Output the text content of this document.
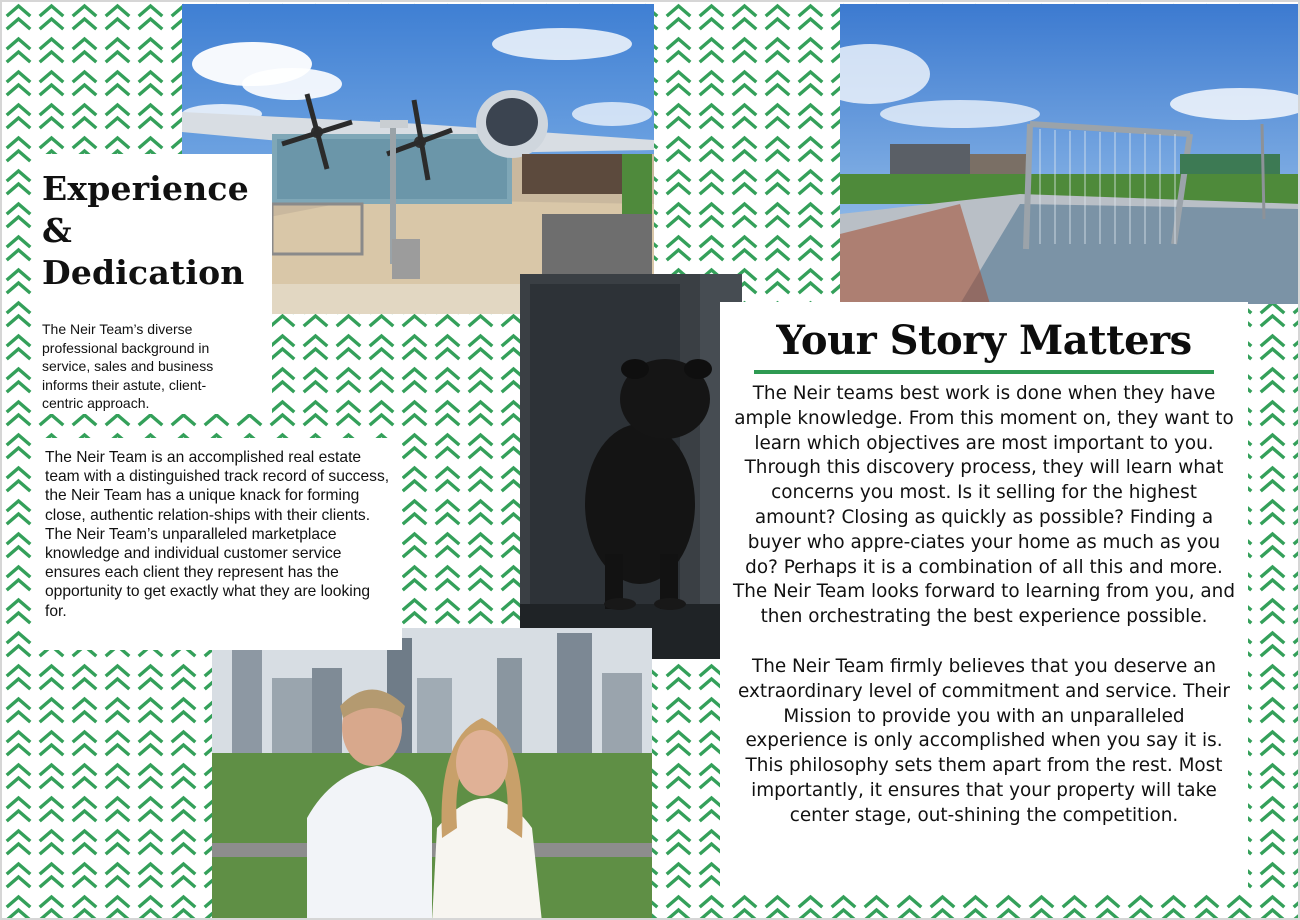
Experience
&
Dedication

The Neir Team’s diverse professional background in service, sales and business informs their astute, client-centric approach.

The Neir Team is an accomplished real estate team with a distinguished track record of success, the Neir Team has a unique knack for forming close, authentic relation-ships with their clients. The Neir Team’s unparalleled marketplace knowledge and individual customer service ensures each client they represent has the opportunity to get exactly what they are looking for.

Your Story Matters

The Neir teams best work is done when they have ample knowledge. From this moment on, they want to learn which objectives are most important to you. Through this discovery process, they will learn what concerns you most. Is it selling for the highest amount? Closing as quickly as possible? Finding a buyer who appre-ciates your home as much as you do? Perhaps it is a combination of all this and more. The Neir Team looks forward to learning from you, and then orchestrating the best experience possible.

The Neir Team firmly believes that you deserve an extraordinary level of commitment and service. Their Mission to provide you with an unparalleled experience is only accomplished when you say it is. This philosophy sets them apart from the rest. Most importantly, it ensures that your property will take center stage, out-shining the competition.
